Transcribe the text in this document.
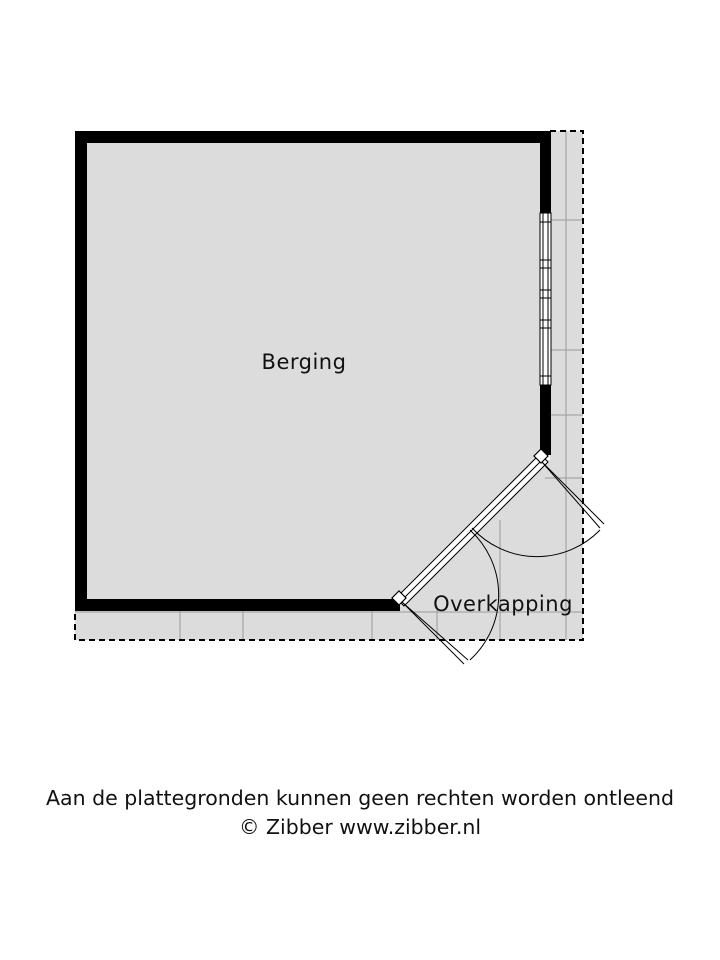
Berging
Overkapping
Aan de plattegronden kunnen geen rechten worden ontleend
© Zibber www.zibber.nl
